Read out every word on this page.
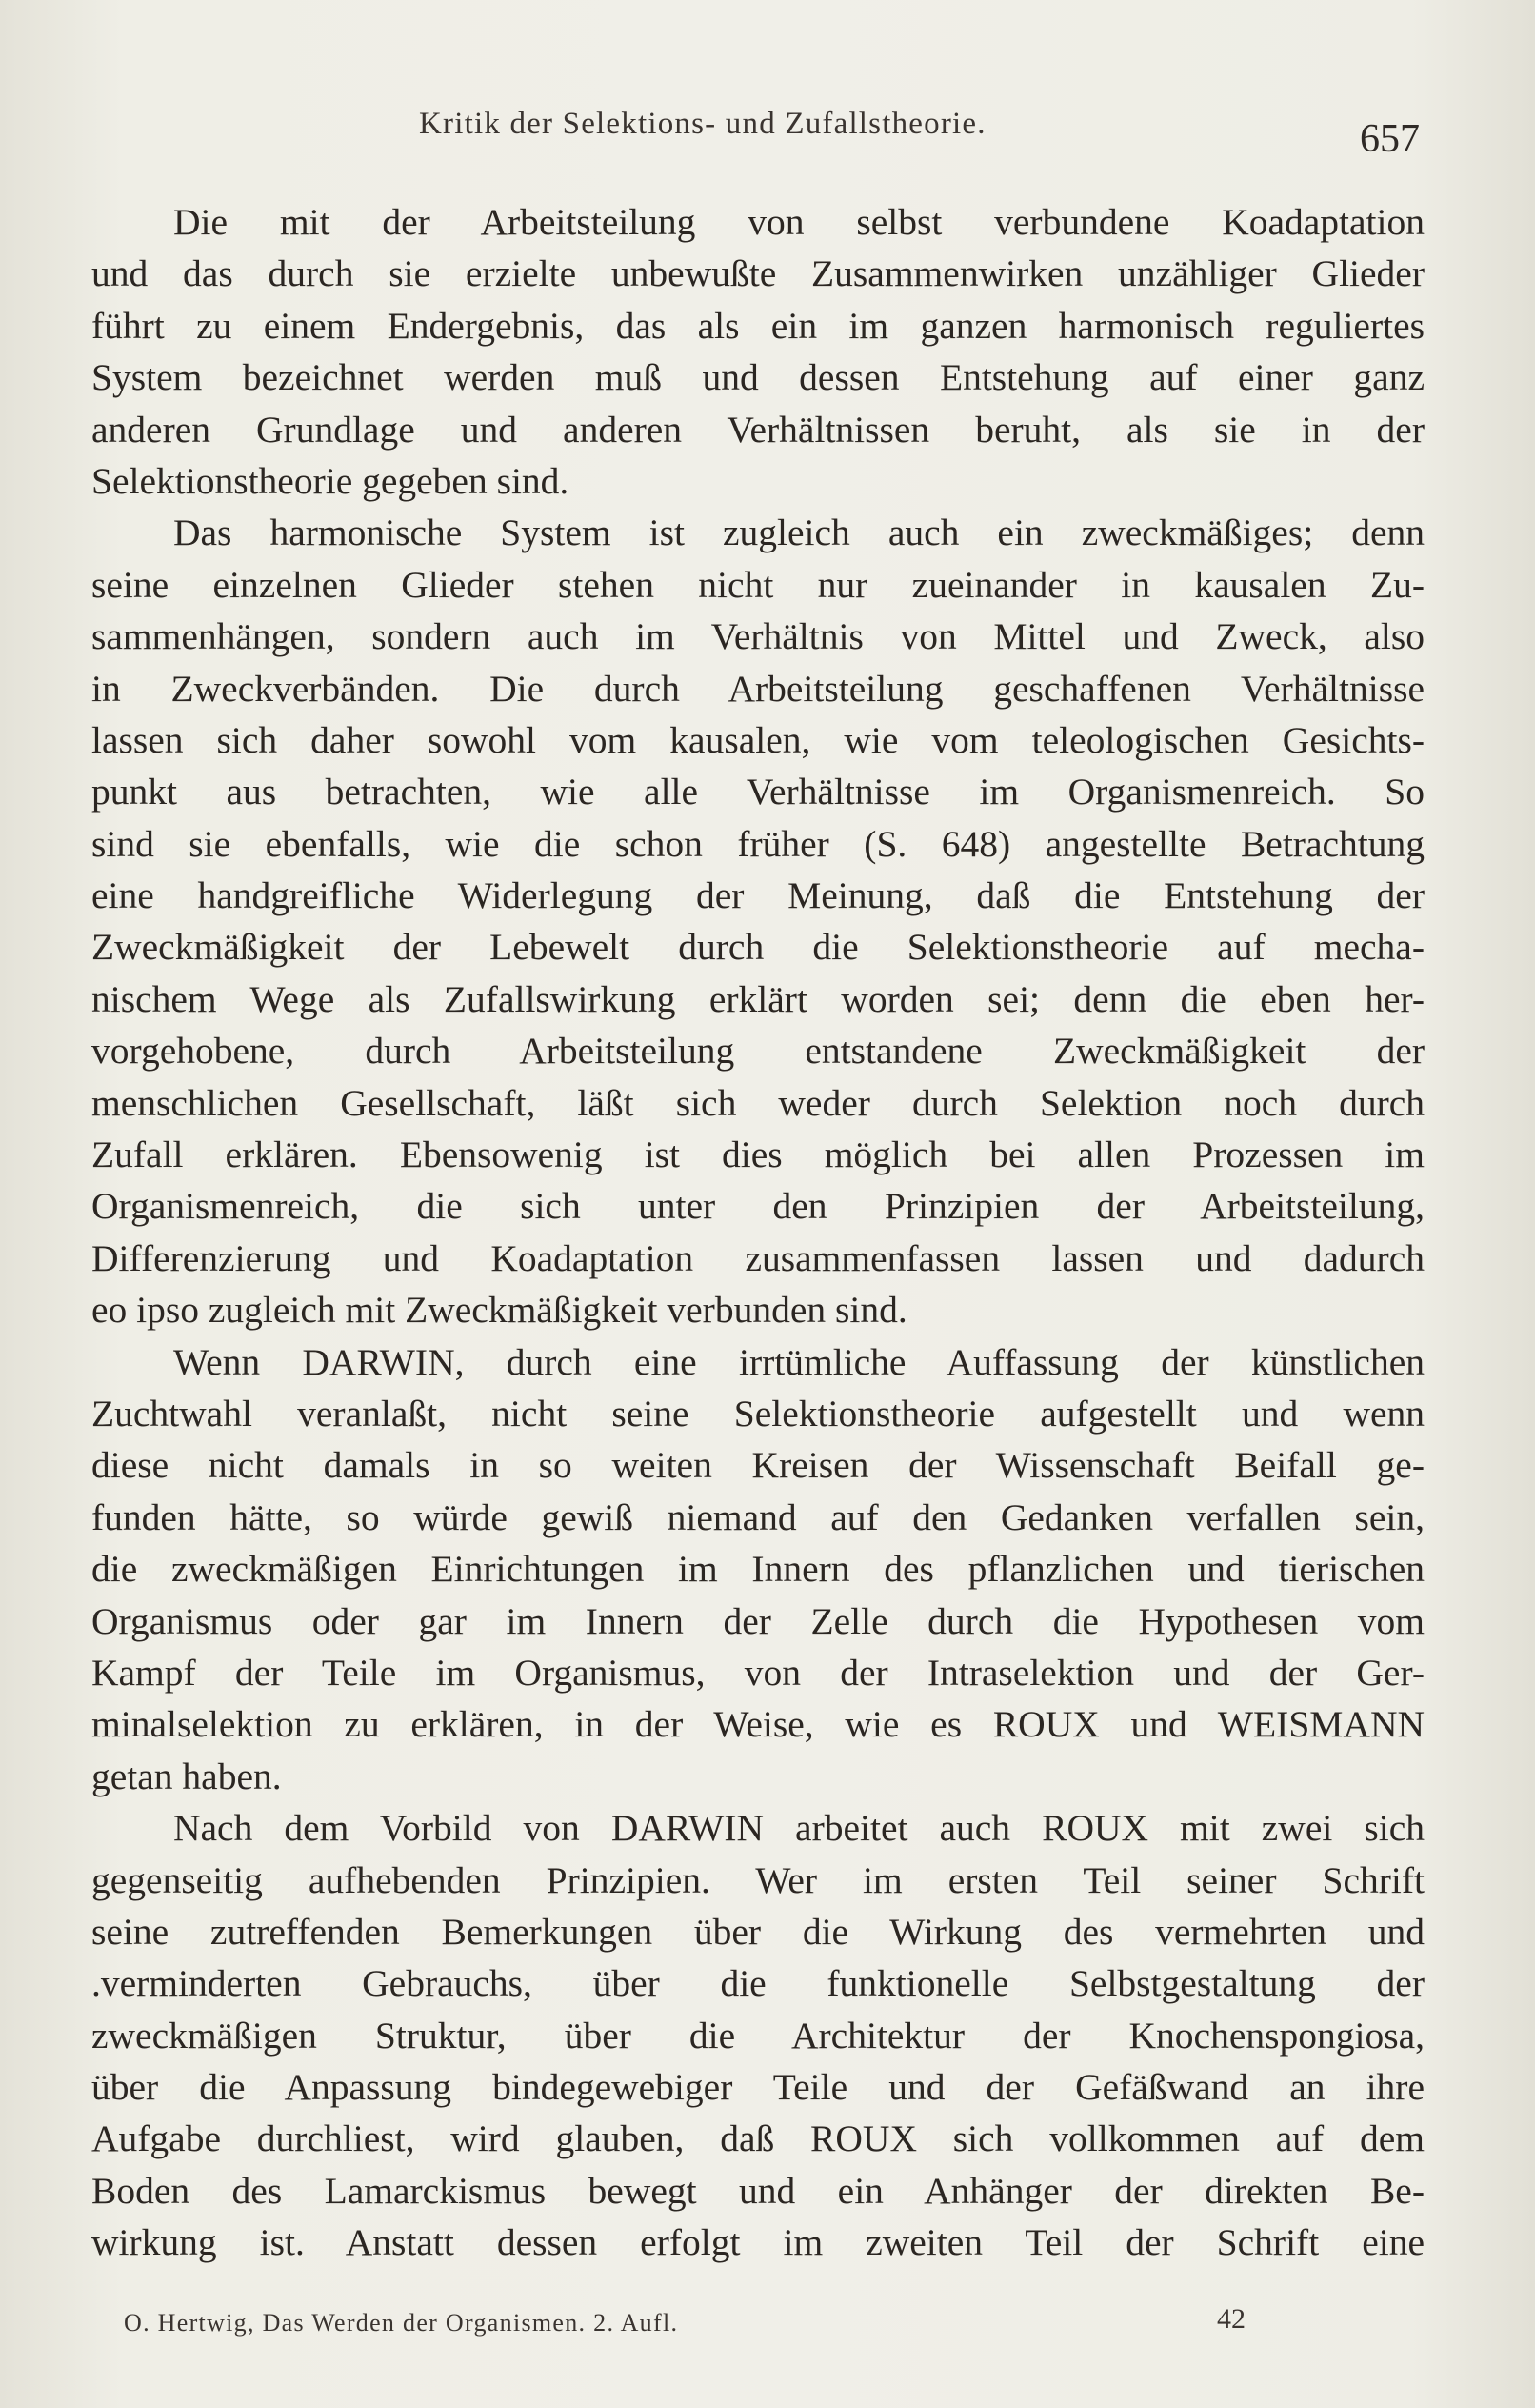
Kritik der Selektions- und Zufallstheorie.	657
Die mit der Arbeitsteilung von selbst verbundene Koadaptation
und das durch sie erzielte unbewußte Zusammenwirken unzähliger Glieder
führt zu einem Endergebnis, das als ein im ganzen harmonisch reguliertes
System bezeichnet werden muß und dessen Entstehung auf einer ganz
anderen Grundlage und anderen Verhältnissen beruht, als sie in der
Selektionstheorie gegeben sind.
Das harmonische System ist zugleich auch ein zweckmäßiges; denn
seine einzelnen Glieder stehen nicht nur zueinander in kausalen Zu-
sammenhängen, sondern auch im Verhältnis von Mittel und Zweck, also
in Zweckverbänden. Die durch Arbeitsteilung geschaffenen Verhältnisse
lassen sich daher sowohl vom kausalen, wie vom teleologischen Gesichts-
punkt aus betrachten, wie alle Verhältnisse im Organismenreich. So
sind sie ebenfalls, wie die schon früher (S. 648) angestellte Betrachtung
eine handgreifliche Widerlegung der Meinung, daß die Entstehung der
Zweckmäßigkeit der Lebewelt durch die Selektionstheorie auf mecha-
nischem Wege als Zufallswirkung erklärt worden sei; denn die eben her-
vorgehobene, durch Arbeitsteilung entstandene Zweckmäßigkeit der
menschlichen Gesellschaft, läßt sich weder durch Selektion noch durch
Zufall erklären. Ebensowenig ist dies möglich bei allen Prozessen im
Organismenreich, die sich unter den Prinzipien der Arbeitsteilung,
Differenzierung und Koadaptation zusammenfassen lassen und dadurch
eo ipso zugleich mit Zweckmäßigkeit verbunden sind.
Wenn DARWIN, durch eine irrtümliche Auffassung der künstlichen
Zuchtwahl veranlaßt, nicht seine Selektionstheorie aufgestellt und wenn
diese nicht damals in so weiten Kreisen der Wissenschaft Beifall ge-
funden hätte, so würde gewiß niemand auf den Gedanken verfallen sein,
die zweckmäßigen Einrichtungen im Innern des pflanzlichen und tierischen
Organismus oder gar im Innern der Zelle durch die Hypothesen vom
Kampf der Teile im Organismus, von der Intraselektion und der Ger-
minalselektion zu erklären, in der Weise, wie es ROUX und WEISMANN
getan haben.
Nach dem Vorbild von DARWIN arbeitet auch ROUX mit zwei sich
gegenseitig aufhebenden Prinzipien. Wer im ersten Teil seiner Schrift
seine zutreffenden Bemerkungen über die Wirkung des vermehrten und
.verminderten Gebrauchs, über die funktionelle Selbstgestaltung der
zweckmäßigen Struktur, über die Architektur der Knochenspongiosa,
über die Anpassung bindegewebiger Teile und der Gefäßwand an ihre
Aufgabe durchliest, wird glauben, daß ROUX sich vollkommen auf dem
Boden des Lamarckismus bewegt und ein Anhänger der direkten Be-
wirkung ist. Anstatt dessen erfolgt im zweiten Teil der Schrift eine
O. Hertwig, Das Werden der Organismen. 2. Aufl.	42
